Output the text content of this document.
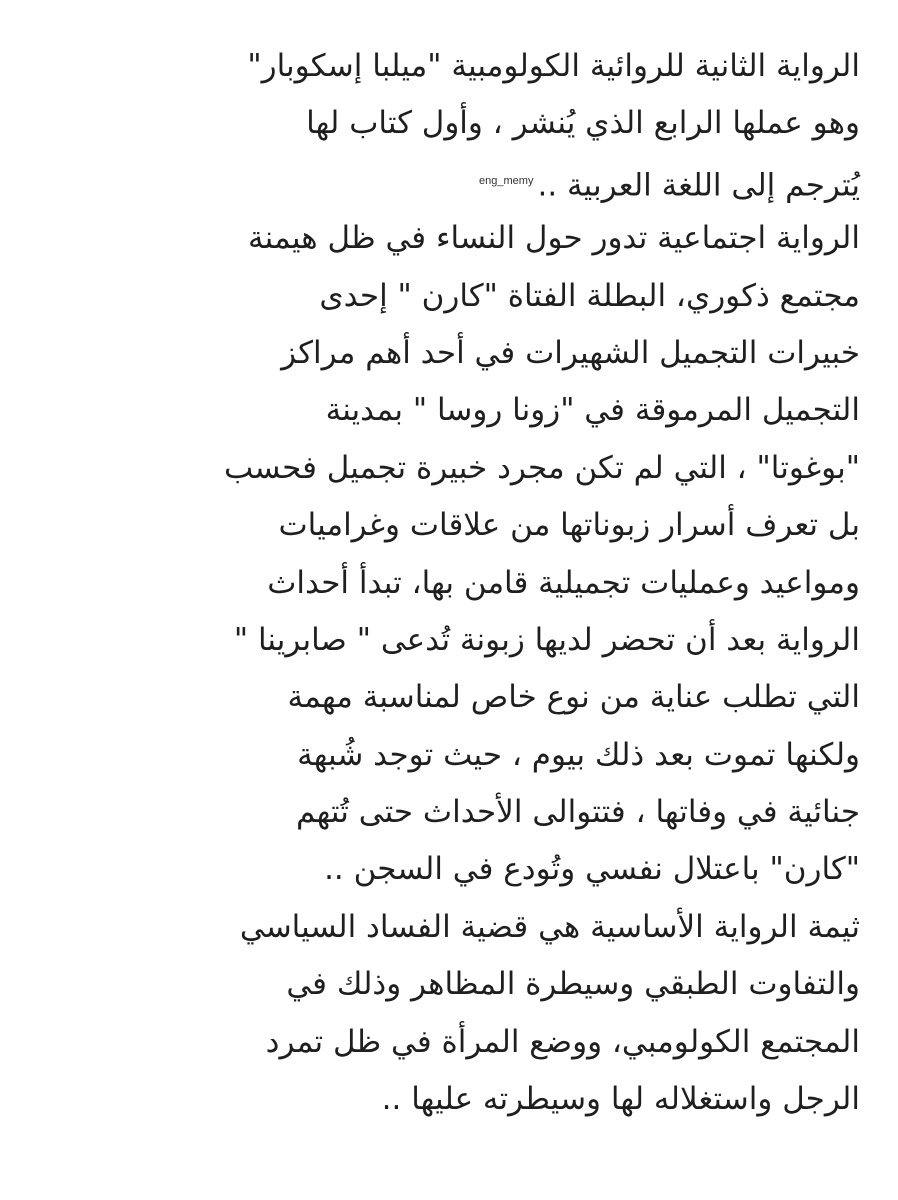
الرواية الثانية للروائية الكولومبية "ميلبا إسكوبار"
وهو عملها الرابع الذي يُنشر ، وأول كتاب لها
يُترجم إلى اللغة العربية ..$^{eng\_memy}$
الرواية اجتماعية تدور حول النساء في ظل هيمنة
مجتمع ذكوري، البطلة الفتاة "كارن " إحدى
خبيرات التجميل الشهيرات في أحد أهم مراكز
التجميل المرموقة في "زونا روسا " بمدينة
"بوغوتا" ، التي لم تكن مجرد خبيرة تجميل فحسب
بل تعرف أسرار زبوناتها من علاقات وغراميات
ومواعيد وعمليات تجميلية قامن بها، تبدأ أحداث
الرواية بعد أن تحضر لديها زبونة تُدعى " صابرينا "
التي تطلب عناية من نوع خاص لمناسبة مهمة
ولكنها تموت بعد ذلك بيوم ، حيث توجد شُبهة
جنائية في وفاتها ، فتتوالى الأحداث حتى تُتهم
"كارن" باعتلال نفسي وتُودع في السجن ..
ثيمة الرواية الأساسية هي قضية الفساد السياسي
والتفاوت الطبقي وسيطرة المظاهر وذلك في
المجتمع الكولومبي، ووضع المرأة في ظل تمرد
الرجل واستغلاله لها وسيطرته عليها ..
